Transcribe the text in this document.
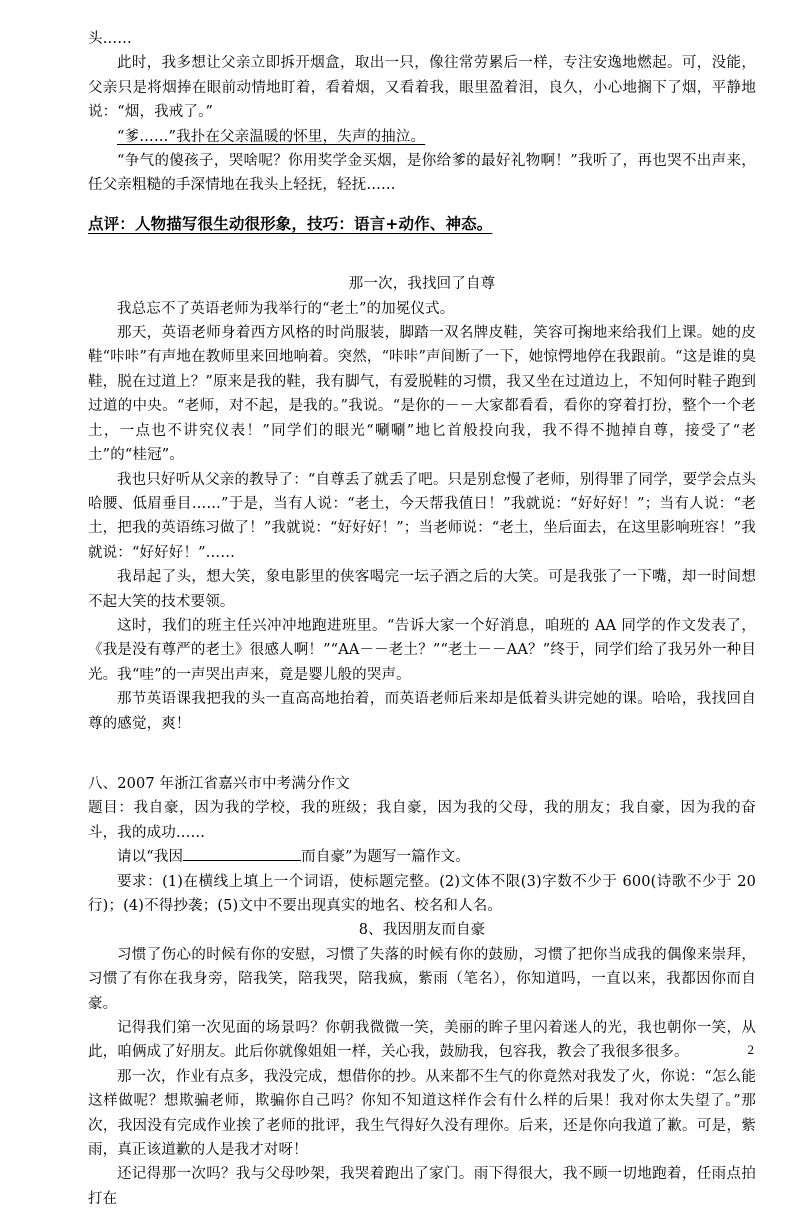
头……

此时，我多想让父亲立即拆开烟盒，取出一只，像往常劳累后一样，专注安逸地燃起。可，没能，父亲只是将烟捧在眼前动情地盯着，看着烟，又看着我，眼里盈着泪，良久，小心地搁下了烟，平静地说：“烟，我戒了。”

“爹……”我扑在父亲温暖的怀里，失声的抽泣。

“争气的傻孩子，哭啥呢？你用奖学金买烟，是你给爹的最好礼物啊！”我听了，再也哭不出声来，任父亲粗糙的手深情地在我头上轻抚，轻抚……

点评：人物描写很生动很形象，技巧：语言+动作、神态。

那一次，我找回了自尊

我总忘不了英语老师为我举行的“老土”的加冕仪式。

那天，英语老师身着西方风格的时尚服装，脚踏一双名牌皮鞋，笑容可掬地来给我们上课。她的皮鞋“咔咔”有声地在教师里来回地响着。突然，“咔咔”声间断了一下，她惊愕地停在我跟前。“这是谁的臭鞋，脱在过道上？”原来是我的鞋，我有脚气，有爱脱鞋的习惯，我又坐在过道边上，不知何时鞋子跑到过道的中央。“老师，对不起，是我的。”我说。“是你的－－大家都看看，看你的穿着打扮，整个一个老土，一点也不讲究仪表！”同学们的眼光“唰唰”地匕首般投向我，我不得不抛掉自尊，接受了“老土”的“桂冠”。

我也只好听从父亲的教导了：“自尊丢了就丢了吧。只是别怠慢了老师，别得罪了同学，要学会点头哈腰、低眉垂目……”于是，当有人说：“老土，今天帮我值日！”我就说：“好好好！”；当有人说：“老土，把我的英语练习做了！”我就说：“好好好！”；当老师说：“老土，坐后面去，在这里影响班容！”我就说：“好好好！”……

我昂起了头，想大笑，象电影里的侠客喝完一坛子酒之后的大笑。可是我张了一下嘴，却一时间想不起大笑的技术要领。

这时，我们的班主任兴冲冲地跑进班里。“告诉大家一个好消息，咱班的 AA 同学的作文发表了，《我是没有尊严的老土》很感人啊！”“AA－－老土？”“老土－－AA？”终于，同学们给了我另外一种目光。我“哇”的一声哭出声来，竟是婴儿般的哭声。

那节英语课我把我的头一直高高地抬着，而英语老师后来却是低着头讲完她的课。哈哈，我找回自尊的感觉，爽！

八、2007 年浙江省嘉兴市中考满分作文

题目：我自豪，因为我的学校，我的班级；我自豪，因为我的父母，我的朋友；我自豪，因为我的奋斗，我的成功……

请以“我因	而自豪”为题写一篇作文。

要求：(1)在横线上填上一个词语，使标题完整。(2)文体不限(3)字数不少于 600(诗歌不少于 20 行)；(4)不得抄袭；(5)文中不要出现真实的地名、校名和人名。

8、我因朋友而自豪

习惯了伤心的时候有你的安慰，习惯了失落的时候有你的鼓励，习惯了把你当成我的偶像来崇拜，习惯了有你在我身旁，陪我笑，陪我哭，陪我疯，紫雨（笔名），你知道吗，一直以来，我都因你而自豪。

记得我们第一次见面的场景吗？你朝我微微一笑，美丽的眸子里闪着迷人的光，我也朝你一笑，从此，咱俩成了好朋友。此后你就像姐姐一样，关心我，鼓励我，包容我，教会了我很多很多。

那一次，作业有点多，我没完成，想借你的抄。从来都不生气的你竟然对我发了火，你说：“怎么能这样做呢？想欺骗老师，欺骗你自己吗？你知不知道这样作会有什么样的后果！我对你太失望了。”那次，我因没有完成作业挨了老师的批评，我生气得好久没有理你。后来，还是你向我道了歉。可是，紫雨，真正该道歉的人是我才对呀！

还记得那一次吗？我与父母吵架，我哭着跑出了家门。雨下得很大，我不顾一切地跑着，任雨点拍打在

2
